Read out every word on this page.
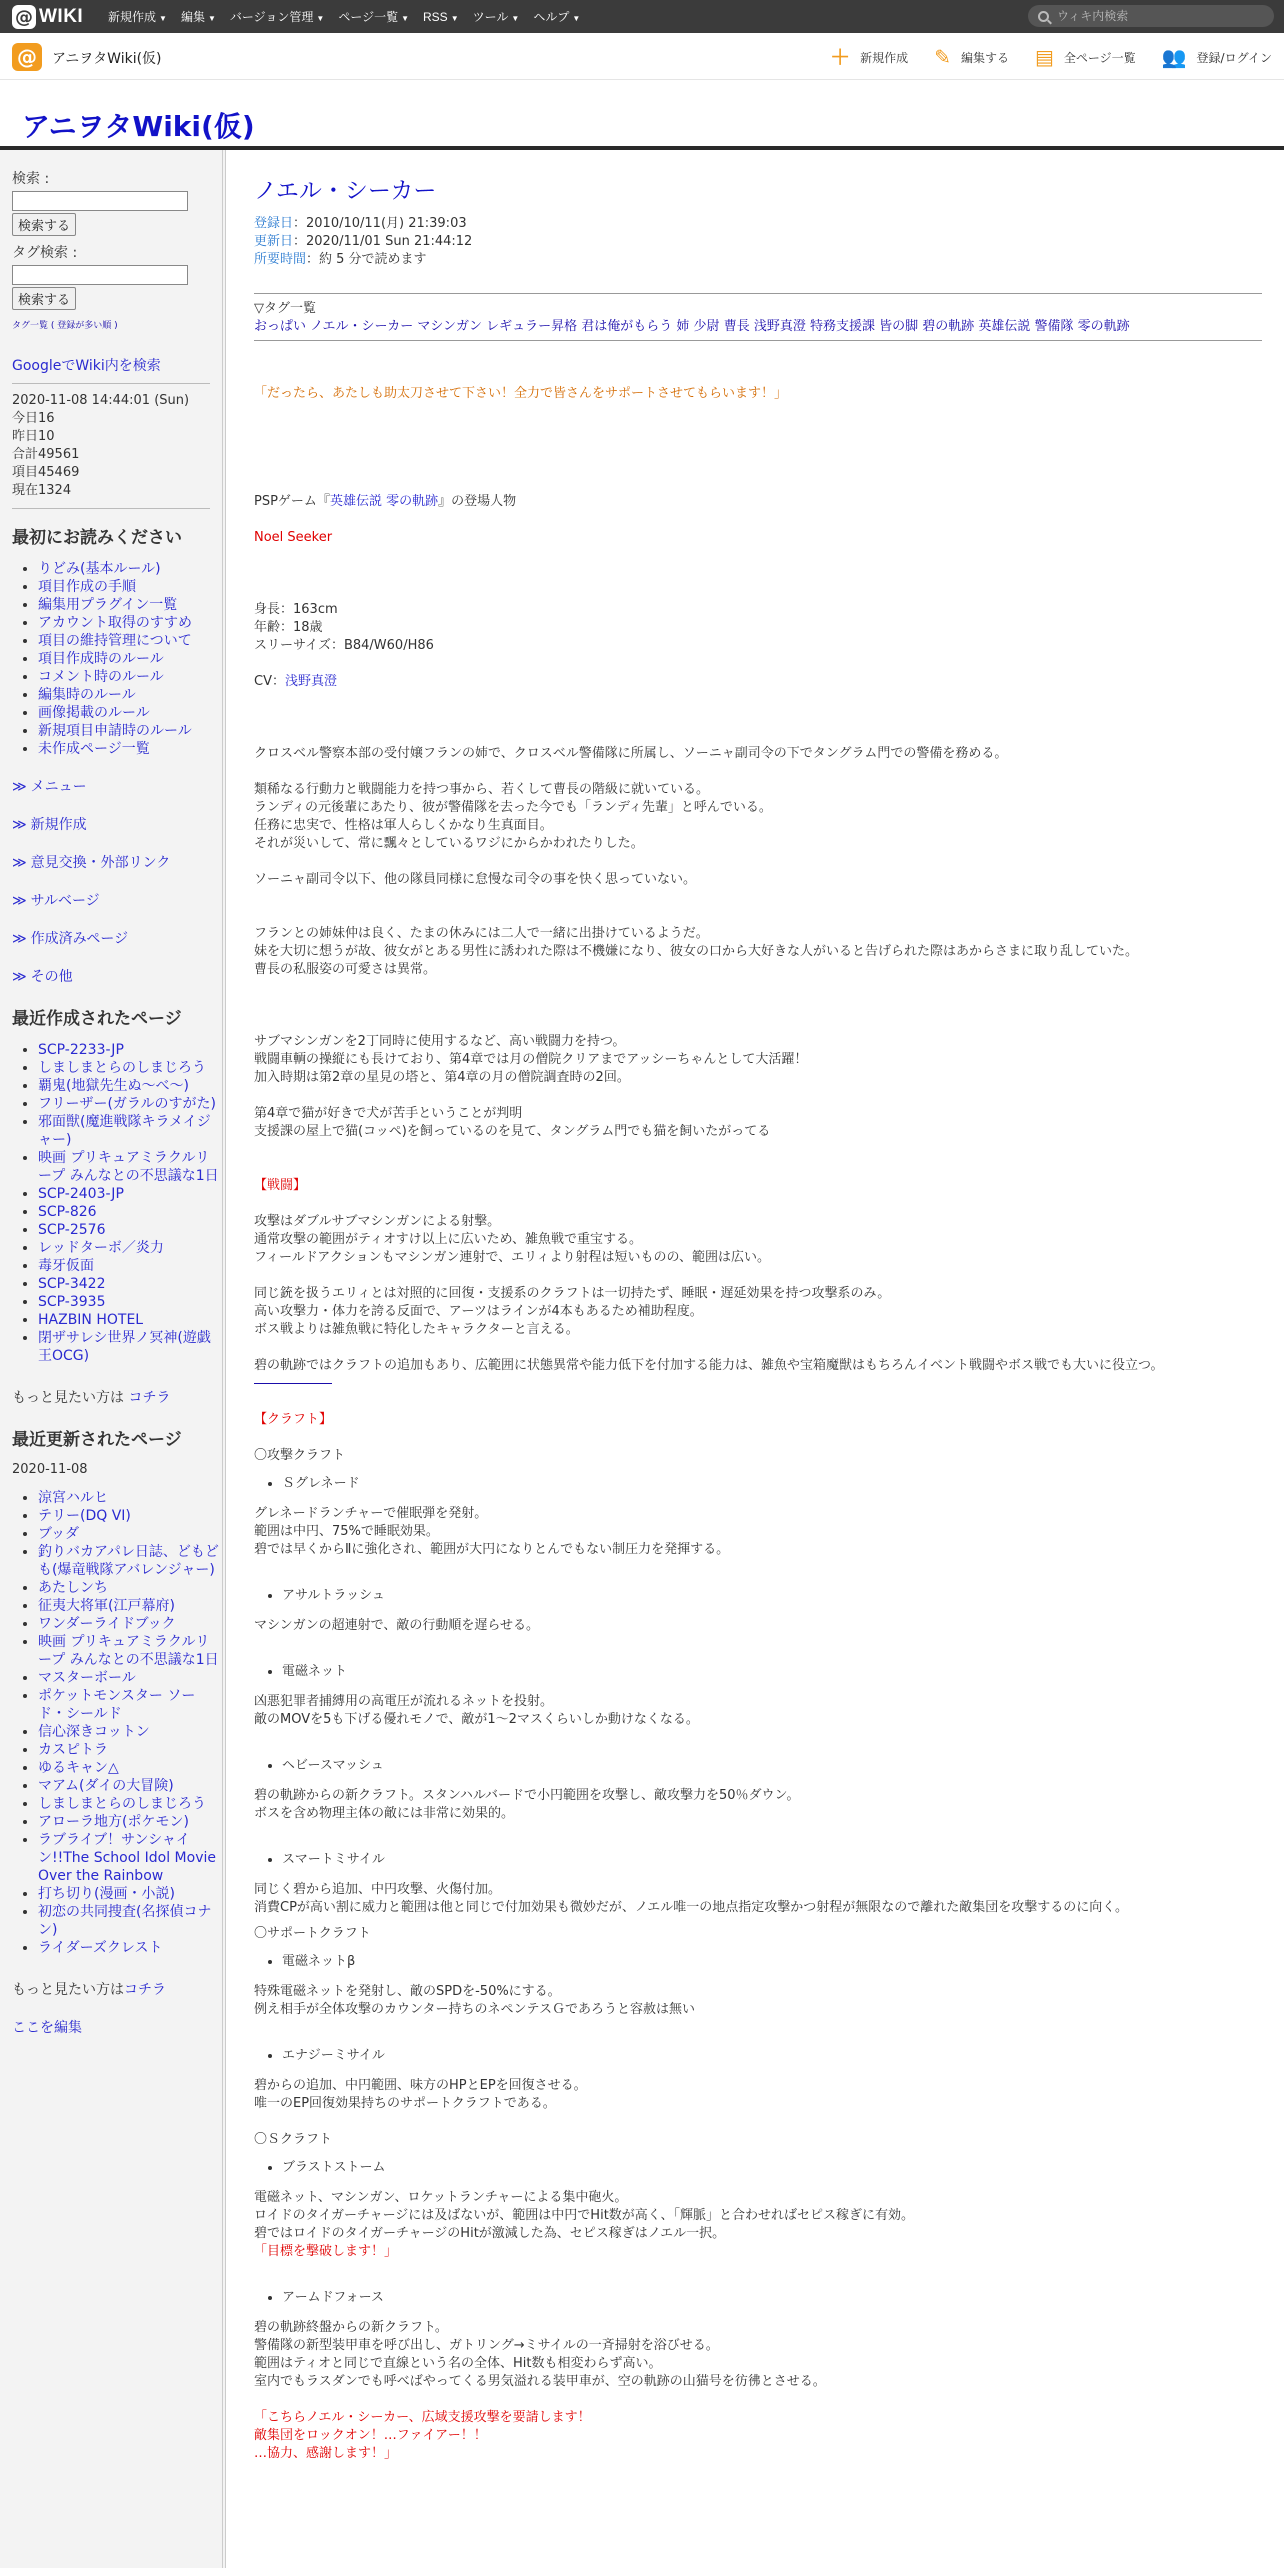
@ WIKI 新規作成 ▼ 編集 ▼ バージョン管理 ▼ ページ一覧 ▼ RSS ▼ ツール ▼ ヘルプ ▼
ウィキ内検索
@	アニヲタWiki(仮)	＋ 新規作成 ✎ 編集する ▤ 全ページ一覧 👥 登録/ログイン
アニヲタWiki(仮)
検索 :
検索する
タグ検索 :
検索する
タグ一覧 ( 登録が多い順 )
GoogleでWiki内を検索
2020-11-08 14:44:01 (Sun)
今日16
昨日10
合計49561
項目45469
現在1324
最初にお読みください
• りどみ(基本ルール)
• 項目作成の手順
• 編集用プラグイン一覧
• アカウント取得のすすめ
• 項目の維持管理について
• 項目作成時のルール
• コメント時のルール
• 編集時のルール
• 画像掲載のルール
• 新規項目申請時のルール
• 未作成ページ一覧
≫ メニュー
≫ 新規作成
≫ 意見交換・外部リンク
≫ サルベージ
≫ 作成済みページ
≫ その他
最近作成されたページ
• SCP-2233-JP
• しましまとらのしまじろう
• 覇鬼(地獄先生ぬ～べ～)
• フリーザー(ガラルのすがた)
• 邪面獣(魔進戦隊キラメイジャー)
• 映画 プリキュアミラクルリープ みんなとの不思議な1日
• SCP-2403-JP
• SCP-826
• SCP-2576
• レッドターボ／炎力
• 毒牙仮面
• SCP-3422
• SCP-3935
• HAZBIN HOTEL
• 閉ザサレシ世界ノ冥神(遊戯王OCG)
もっと見たい方は コチラ
最近更新されたページ
2020-11-08
• 涼宮ハルヒ
• テリー(DQ VI)
• ブッダ
• 釣りバカアパレ日誌、どもども(爆竜戦隊アバレンジャー)
• あたしンち
• 征夷大将軍(江戸幕府)
• ワンダーライドブック
• 映画 プリキュアミラクルリープ みんなとの不思議な1日
• マスターボール
• ポケットモンスター ソード・シールド
• 信心深きコットン
• カスピトラ
• ゆるキャン△
• マアム(ダイの大冒険)
• しましまとらのしまじろう
• アローラ地方(ポケモン)
• ラブライブ！サンシャイン!!The School Idol Movie Over the Rainbow
• 打ち切り(漫画・小説)
• 初恋の共同捜査(名探偵コナン)
• ライダーズクレスト
もっと見たい方はコチラ
ここを編集
ノエル・シーカー
登録日：2010/10/11(月) 21:39:03
更新日：2020/11/01 Sun 21:44:12
所要時間：約 5 分で読めます
▽タグ一覧
おっぱい ノエル・シーカー マシンガン レギュラー昇格 君は俺がもらう 姉 少尉 曹長 浅野真澄 特務支援課 皆の脚 碧の軌跡 英雄伝説 警備隊 零の軌跡

「だったら、あたしも助太刀させて下さい！全力で皆さんをサポートさせてもらいます！」

PSPゲーム『英雄伝説 零の軌跡』の登場人物

Noel Seeker

身長：163cm

年齢：18歳

スリーサイズ：B84/W60/H86

CV：浅野真澄

クロスベル警察本部の受付嬢フランの姉で、クロスベル警備隊に所属し、ソーニャ副司令の下でタングラム門での警備を務める。

類稀なる行動力と戦闘能力を持つ事から、若くして曹長の階級に就いている。

ランディの元後輩にあたり、彼が警備隊を去った今でも「ランディ先輩」と呼んでいる。

任務に忠実で、性格は軍人らしくかなり生真面目。

それが災いして、常に飄々としているワジにからかわれたりした。

ソーニャ副司令以下、他の隊員同様に怠慢な司令の事を快く思っていない。

フランとの姉妹仲は良く、たまの休みには二人で一緒に出掛けているようだ。

妹を大切に想うが故、彼女がとある男性に誘われた際は不機嫌になり、彼女の口から大好きな人がいると告げられた際はあからさまに取り乱していた。

曹長の私服姿の可愛さは異常。

サブマシンガンを2丁同時に使用するなど、高い戦闘力を持つ。

戦闘車輌の操縦にも長けており、第4章では月の僧院クリアまでアッシーちゃんとして大活躍！

加入時期は第2章の星見の塔と、第4章の月の僧院調査時の2回。

第4章で猫が好きで犬が苦手ということが判明

支援課の屋上で猫(コッペ)を飼っているのを見て、タングラム門でも猫を飼いたがってる

【戦闘】

攻撃はダブルサブマシンガンによる射撃。

通常攻撃の範囲がティオすけ以上に広いため、雑魚戦で重宝する。

フィールドアクションもマシンガン連射で、エリィより射程は短いものの、範囲は広い。

同じ銃を扱うエリィとは対照的に回復・支援系のクラフトは一切持たず、睡眠・遅延効果を持つ攻撃系のみ。

高い攻撃力・体力を誇る反面で、アーツはラインが4本もあるため補助程度。

ボス戦よりは雑魚戦に特化したキャラクターと言える。

碧の軌跡ではクラフトの追加もあり、広範囲に状態異常や能力低下を付加する能力は、雑魚や宝箱魔獣はもちろんイベント戦闘やボス戦でも大いに役立つ。

――――――

【クラフト】

〇攻撃クラフト

• Ｓグレネード

グレネードランチャーで催眠弾を発射。

範囲は中円、75%で睡眠効果。

碧では早くからⅡに強化され、範囲が大円になりとんでもない制圧力を発揮する。

• アサルトラッシュ

マシンガンの超連射で、敵の行動順を遅らせる。

• 電磁ネット

凶悪犯罪者捕縛用の高電圧が流れるネットを投射。

敵のMOVを5も下げる優れモノで、敵が1～2マスくらいしか動けなくなる。

• ヘビースマッシュ

碧の軌跡からの新クラフト。スタンハルバードで小円範囲を攻撃し、敵攻撃力を50％ダウン。

ボスを含め物理主体の敵には非常に効果的。

• スマートミサイル

同じく碧から追加、中円攻撃、火傷付加。

消費CPが高い割に威力と範囲は他と同じで付加効果も微妙だが、ノエル唯一の地点指定攻撃かつ射程が無限なので離れた敵集団を攻撃するのに向く。

〇サポートクラフト

• 電磁ネットβ

特殊電磁ネットを発射し、敵のSPDを-50%にする。

例え相手が全体攻撃のカウンター持ちのネペンテスＧであろうと容赦は無い

• エナジーミサイル

碧からの追加、中円範囲、味方のHPとEPを回復させる。

唯一のEP回復効果持ちのサポートクラフトである。

〇Ｓクラフト

• ブラストストーム

電磁ネット、マシンガン、ロケットランチャーによる集中砲火。

ロイドのタイガーチャージには及ばないが、範囲は中円でHit数が高く、「輝脈」と合わせればセピス稼ぎに有効。

碧ではロイドのタイガーチャージのHitが激減した為、セピス稼ぎはノエル一択。

「目標を撃破します！」

• アームドフォース

碧の軌跡終盤からの新クラフト。

警備隊の新型装甲車を呼び出し、ガトリング→ミサイルの一斉掃射を浴びせる。

範囲はティオと同じで直線という名の全体、Hit数も相変わらず高い。

室内でもラスダンでも呼べばやってくる男気溢れる装甲車が、空の軌跡の山猫号を彷彿とさせる。

「こちらノエル・シーカー、広域支援攻撃を要請します！

敵集団をロックオン！…ファイアー！！

…協力、感謝します！」
